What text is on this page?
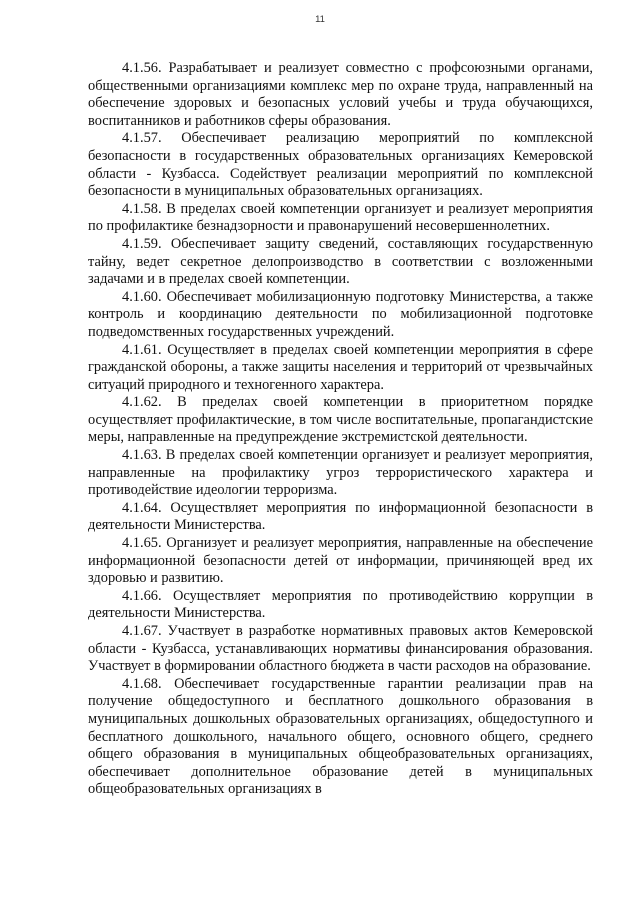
11

4.1.56. Разрабатывает и реализует совместно с профсоюзными органами, общественными организациями комплекс мер по охране труда, направленный на обеспечение здоровых и безопасных условий учебы и труда обучающихся, воспитанников и работников сферы образования.

4.1.57. Обеспечивает реализацию мероприятий по комплексной безопасности в государственных образовательных организациях Кемеровской области - Кузбасса. Содействует реализации мероприятий по комплексной безопасности в муниципальных образовательных организациях.

4.1.58. В пределах своей компетенции организует и реализует мероприятия по профилактике безнадзорности и правонарушений несовершеннолетних.

4.1.59. Обеспечивает защиту сведений, составляющих государственную тайну, ведет секретное делопроизводство в соответствии с возложенными задачами и в пределах своей компетенции.

4.1.60. Обеспечивает мобилизационную подготовку Министерства, а также контроль и координацию деятельности по мобилизационной подготовке подведомственных государственных учреждений.

4.1.61. Осуществляет в пределах своей компетенции мероприятия в сфере гражданской обороны, а также защиты населения и территорий от чрезвычайных ситуаций природного и техногенного характера.

4.1.62. В пределах своей компетенции в приоритетном порядке осуществляет профилактические, в том числе воспитательные, пропагандистские меры, направленные на предупреждение экстремистской деятельности.

4.1.63. В пределах своей компетенции организует и реализует мероприятия, направленные на профилактику угроз террористического характера и противодействие идеологии терроризма.

4.1.64. Осуществляет мероприятия по информационной безопасности в деятельности Министерства.

4.1.65. Организует и реализует мероприятия, направленные на обеспечение информационной безопасности детей от информации, причиняющей вред их здоровью и развитию.

4.1.66. Осуществляет мероприятия по противодействию коррупции в деятельности Министерства.

4.1.67. Участвует в разработке нормативных правовых актов Кемеровской области - Кузбасса, устанавливающих нормативы финансирования образования. Участвует в формировании областного бюджета в части расходов на образование.

4.1.68. Обеспечивает государственные гарантии реализации прав на получение общедоступного и бесплатного дошкольного образования в муниципальных дошкольных образовательных организациях, общедоступного и бесплатного дошкольного, начального общего, основного общего, среднего общего образования в муниципальных общеобразовательных организациях, обеспечивает дополнительное образование детей в муниципальных общеобразовательных организациях в
